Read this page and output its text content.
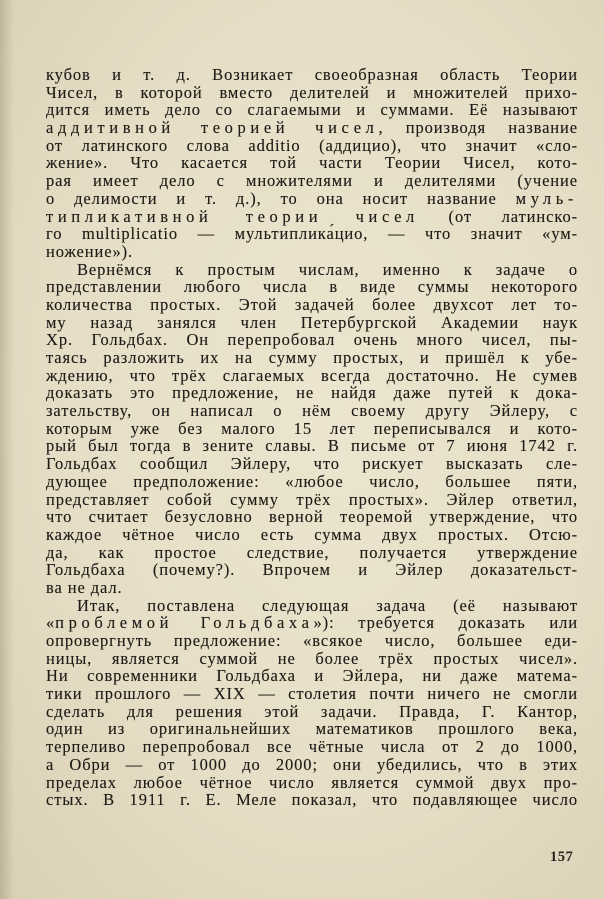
кубов и т. д. Возникает своеобразная область Теории
Чисел, в которой вместо делителей и множителей прихо-
дится иметь дело со слагаемыми и суммами. Её называют
аддитивной теорией чисел, производя название
от латинского слова additio (аддицио), что значит «сло-
жение». Что касается той части Теории Чисел, кото-
рая имеет дело с множителями и делителями (учение
о делимости и т. д.), то она носит название муль-
типликативной теории чисел (от латинско-
го multiplicatio — мультиплика́цио, — что значит «ум-
ножение»).
Вернёмся к простым числам, именно к задаче о
представлении любого числа в виде суммы некоторого
количества простых. Этой задачей более двухсот лет то-
му назад занялся член Петербургской Академии наук
Хр. Гольдбах. Он перепробовал очень много чисел, пы-
таясь разложить их на сумму простых, и пришёл к убе-
ждению, что трёх слагаемых всегда достаточно. Не сумев
доказать это предложение, не найдя даже путей к дока-
зательству, он написал о нём своему другу Эйлеру, с
которым уже без малого 15 лет переписывался и кото-
рый был тогда в зените славы. В письме от 7 июня 1742 г.
Гольдбах сообщил Эйлеру, что рискует высказать сле-
дующее предположение: «любое число, большее пяти,
представляет собой сумму трёх простых». Эйлер ответил,
что считает безусловно верной теоремой утверждение, что
каждое чётное число есть сумма двух простых. Отсю-
да, как простое следствие, получается утверждение
Гольдбаха (почему?). Впрочем и Эйлер доказательст-
ва не дал.
Итак, поставлена следующая задача (её называют
«проблемой Гольдбаха»): требуется доказать или
опровергнуть предложение: «всякое число, большее еди-
ницы, является суммой не более трёх простых чисел».
Ни современники Гольдбаха и Эйлера, ни даже матема-
тики прошлого — XIX — столетия почти ничего не смогли
сделать для решения этой задачи. Правда, Г. Кантор,
один из оригинальнейших математиков прошлого века,
терпеливо перепробовал все чётные числа от 2 до 1000,
а Обри — от 1000 до 2000; они убедились, что в этих
пределах любое чётное число является суммой двух про-
стых. В 1911 г. Е. Меле показал, что подавляющее число
157
